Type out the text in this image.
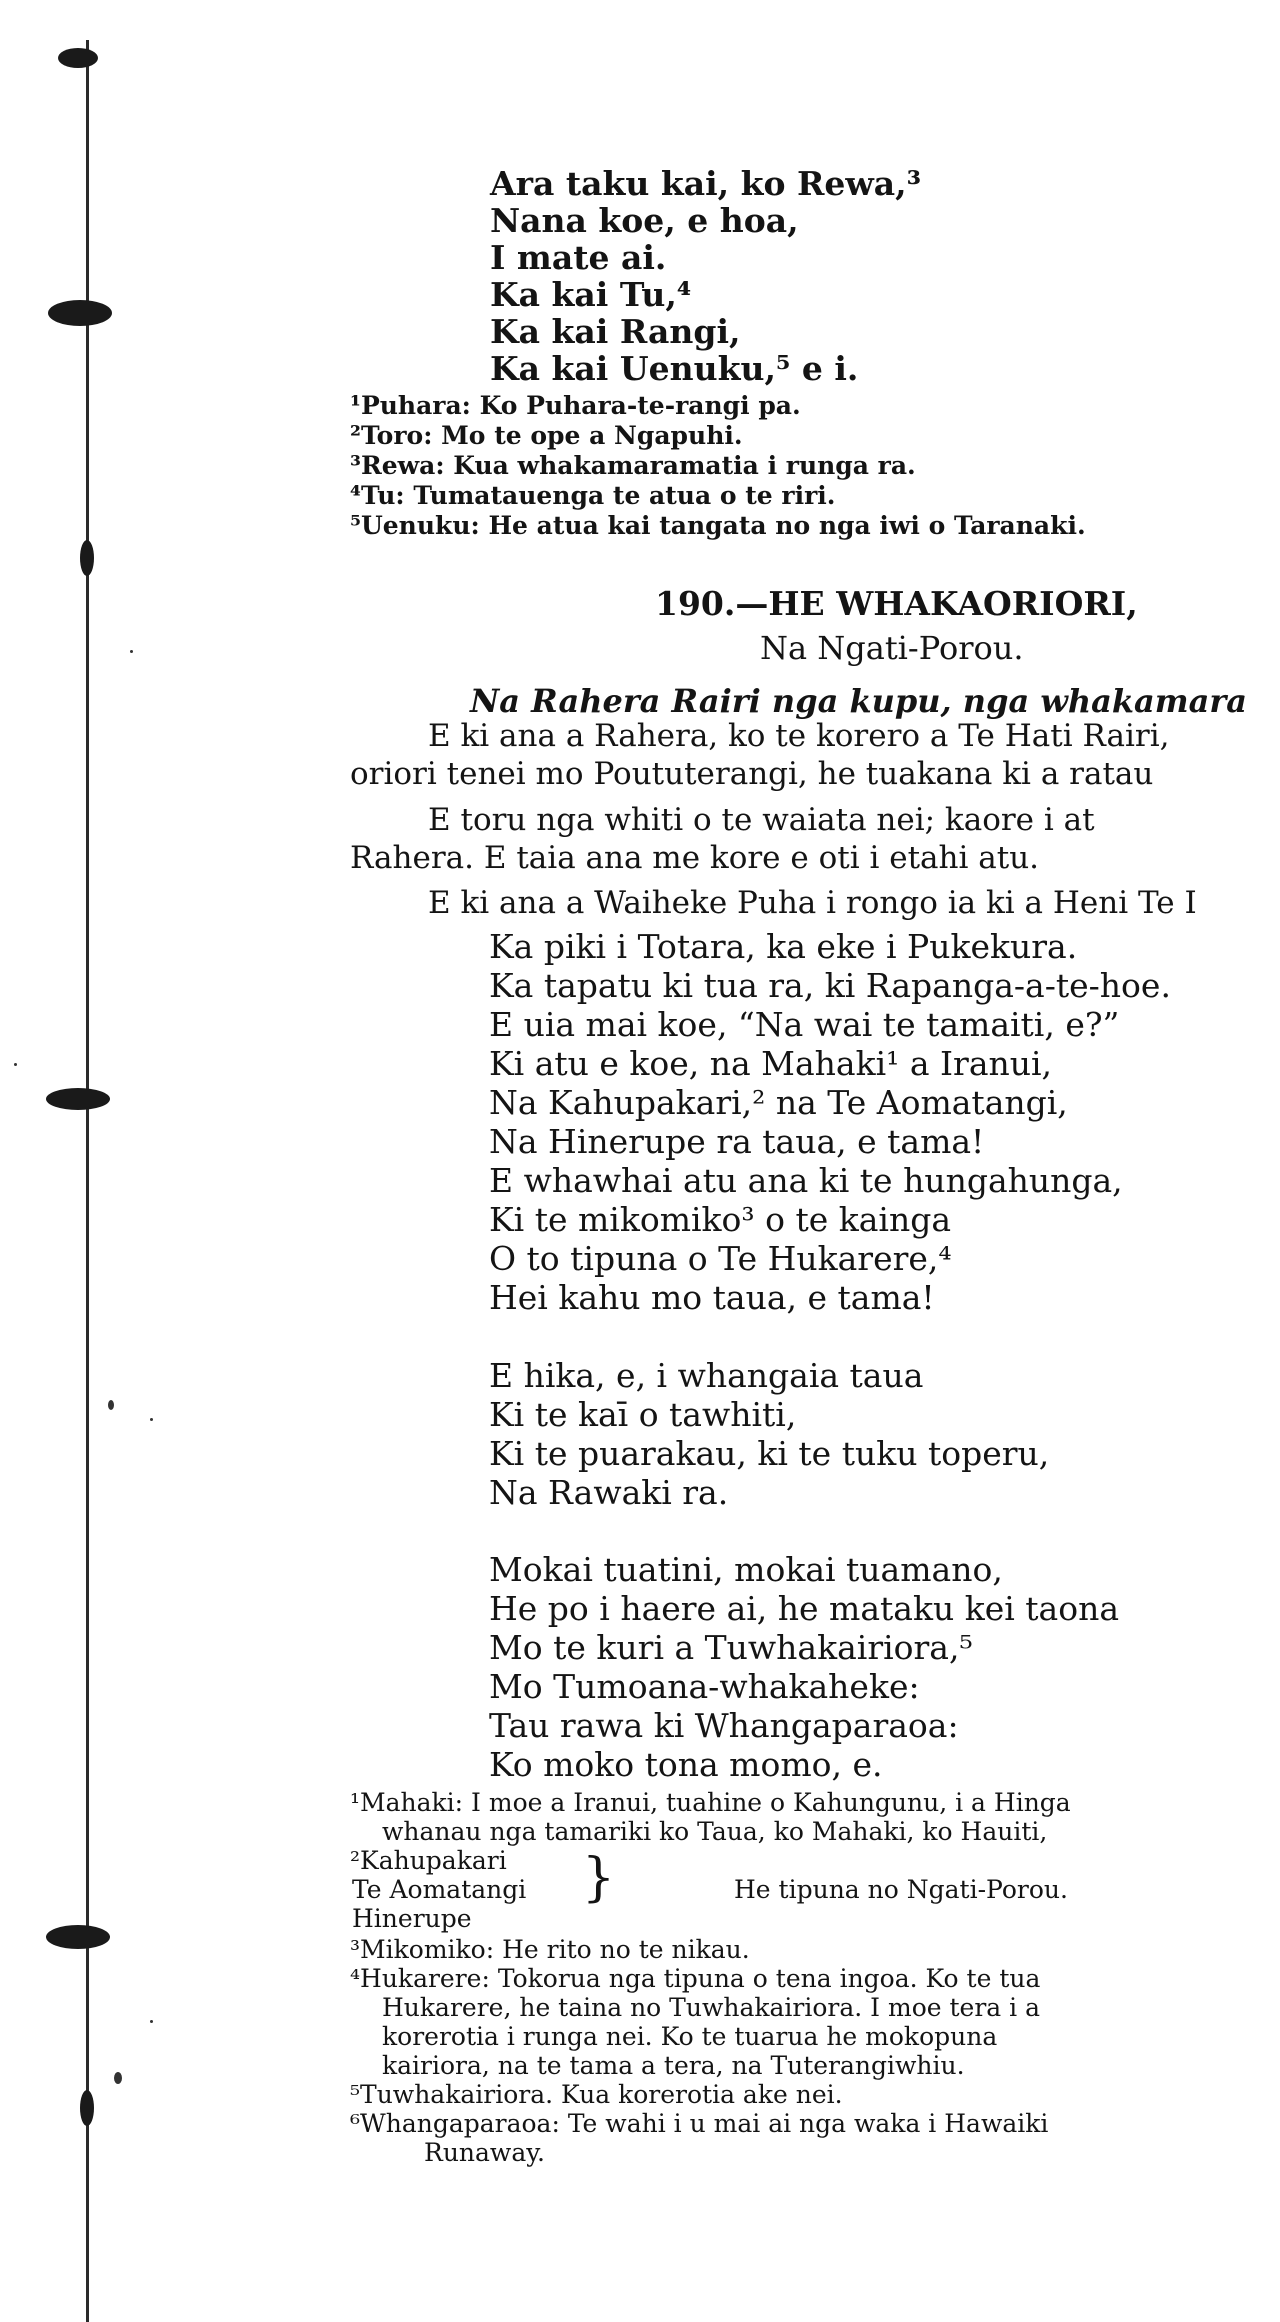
Ara taku kai, ko Rewa,³
Nana koe, e hoa,
I mate ai.
Ka kai Tu,⁴
Ka kai Rangi,
Ka kai Uenuku,⁵ e i.
¹Puhara: Ko Puhara-te-rangi pa.
²Toro: Mo te ope a Ngapuhi.
³Rewa: Kua whakamaramatia i runga ra.
⁴Tu: Tumatauenga te atua o te riri.
⁵Uenuku: He atua kai tangata no nga iwi o Taranaki.
190.—HE WHAKAORIORI,
Na Ngati-Porou.
Na Rahera Rairi nga kupu, nga whakamara
E ki ana a Rahera, ko te korero a Te Hati Rairi,
oriori tenei mo Poututerangi, he tuakana ki a ratau
E toru nga whiti o te waiata nei; kaore i at
Rahera. E taia ana me kore e oti i etahi atu.
E ki ana a Waiheke Puha i rongo ia ki a Heni Te I
Ka piki i Totara, ka eke i Pukekura.
Ka tapatu ki tua ra, ki Rapanga-a-te-hoe.
E uia mai koe, “Na wai te tamaiti, e?”
Ki atu e koe, na Mahaki¹ a Iranui,
Na Kahupakari,² na Te Aomatangi,
Na Hinerupe ra taua, e tama!
E whawhai atu ana ki te hungahunga,
Ki te mikomiko³ o te kainga
O to tipuna o Te Hukarere,⁴
Hei kahu mo taua, e tama!
E hika, e, i whangaia taua
Ki te kaī o tawhiti,
Ki te puarakau, ki te tuku toperu,
Na Rawaki ra.
Mokai tuatini, mokai tuamano,
He po i haere ai, he mataku kei taona
Mo te kuri a Tuwhakairiora,⁵
Mo Tumoana-whakaheke:
Tau rawa ki Whangaparaoa:
Ko moko tona momo, e.
¹Mahaki: I moe a Iranui, tuahine o Kahungunu, i a Hinga
whanau nga tamariki ko Taua, ko Mahaki, ko Hauiti,
²Kahupakari
Te Aomatangi
Hinerupe
}	He tipuna no Ngati-Porou.
³Mikomiko: He rito no te nikau.
⁴Hukarere: Tokorua nga tipuna o tena ingoa. Ko te tua
Hukarere, he taina no Tuwhakairiora. I moe tera i a
korerotia i runga nei. Ko te tuarua he mokopuna
kairiora, na te tama a tera, na Tuterangiwhiu.
⁵Tuwhakairiora. Kua korerotia ake nei.
⁶Whangaparaoa: Te wahi i u mai ai nga waka i Hawaiki
Runaway.
